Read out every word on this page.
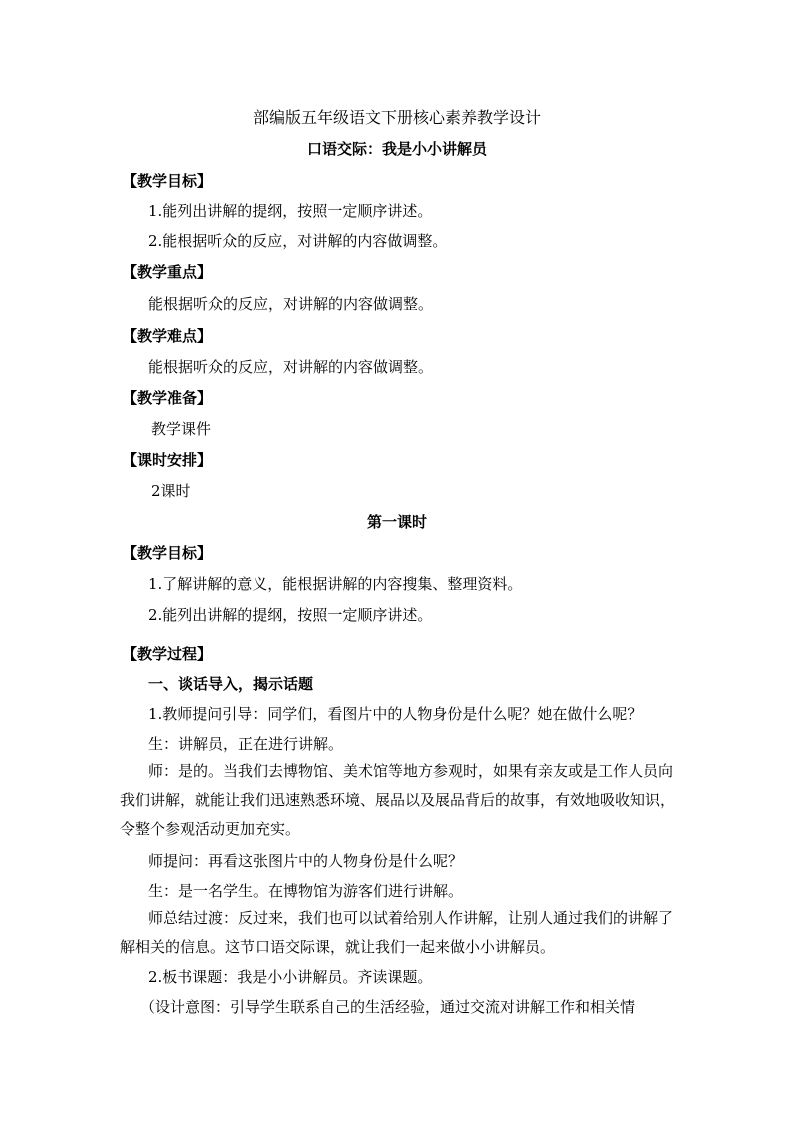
部编版五年级语文下册核心素养教学设计
口语交际：我是小小讲解员
【教学目标】
1.能列出讲解的提纲，按照一定顺序讲述。
2.能根据听众的反应，对讲解的内容做调整。
【教学重点】
能根据听众的反应，对讲解的内容做调整。
【教学难点】
能根据听众的反应，对讲解的内容做调整。
【教学准备】
教学课件
【课时安排】
2课时
第一课时
【教学目标】
1.了解讲解的意义，能根据讲解的内容搜集、整理资料。
2.能列出讲解的提纲，按照一定顺序讲述。
【教学过程】
一、谈话导入，揭示话题
1.教师提问引导：同学们，看图片中的人物身份是什么呢？她在做什么呢？
生：讲解员，正在进行讲解。
师：是的。当我们去博物馆、美术馆等地方参观时，如果有亲友或是工作人员向我们讲解，就能让我们迅速熟悉环境、展品以及展品背后的故事，有效地吸收知识，令整个参观活动更加充实。
师提问：再看这张图片中的人物身份是什么呢？
生：是一名学生。在博物馆为游客们进行讲解。
师总结过渡：反过来，我们也可以试着给别人作讲解，让别人通过我们的讲解了解相关的信息。这节口语交际课，就让我们一起来做小小讲解员。
2.板书课题：我是小小讲解员。齐读课题。
（设计意图：引导学生联系自己的生活经验，通过交流对讲解工作和相关情
